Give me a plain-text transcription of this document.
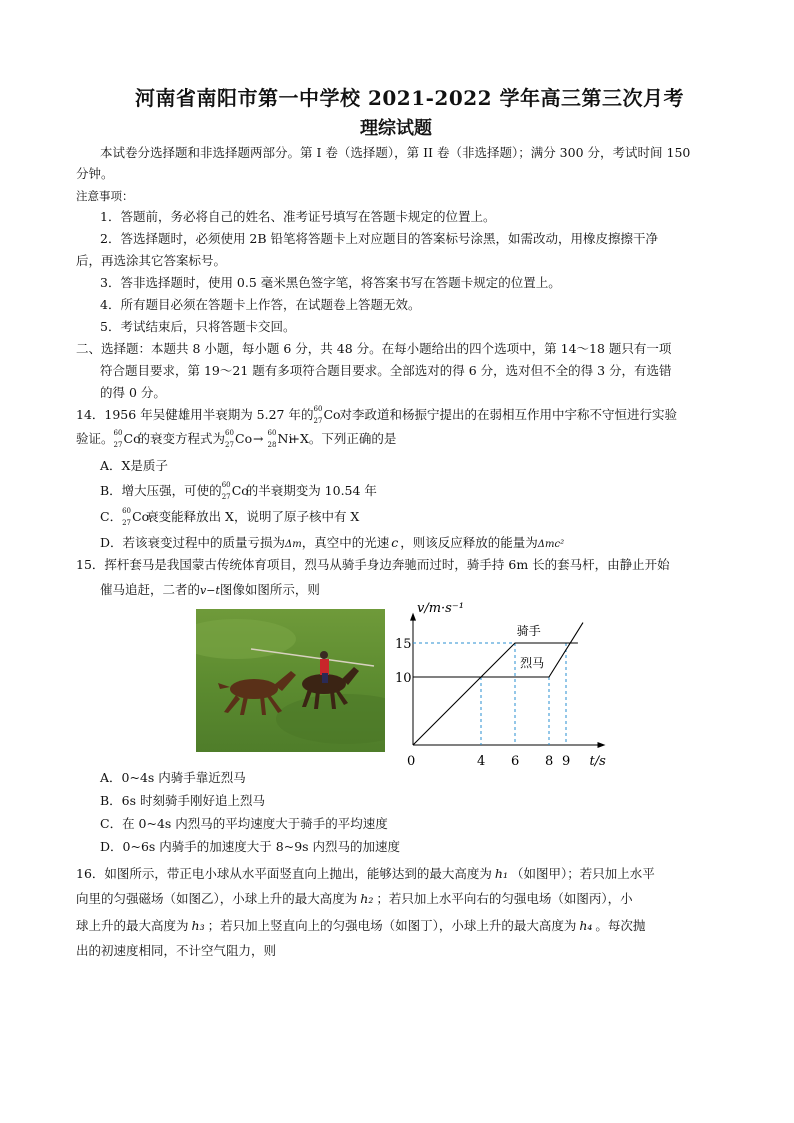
河南省南阳市第一中学校 2021-2022 学年高三第三次月考
理综试题
本试卷分选择题和非选择题两部分。第 I 卷（选择题），第 II 卷（非选择题）；满分 300 分，考试时间 150
分钟。
注意事项：
1．答题前，务必将自己的姓名、准考证号填写在答题卡规定的位置上。
2．答选择题时，必须使用 2B 铅笔将答题卡上对应题目的答案标号涂黑，如需改动，用橡皮擦擦干净
后，再选涂其它答案标号。
3．答非选择题时，使用 0.5 毫米黑色签字笔，将答案书写在答题卡规定的位置上。
4．所有题目必须在答题卡上作答，在试题卷上答题无效。
5．考试结束后，只将答题卡交回。
二、选择题：本题共 8 小题，每小题 6 分，共 48 分。在每小题给出的四个选项中，第 14～18 题只有一项
符合题目要求，第 19～21 题有多项符合题目要求。全部选对的得 6 分，选对但不全的得 3 分，有选错
的得 0 分。
14．1956 年吴健雄用半衰期为 5.27 年的 60
27 Co对李政道和杨振宁提出的在弱相互作用中宇称不守恒进行实验
验证。 60
27 Co的衰变方程式为 60
27 Co→ 60
28 Ni+X。下列正确的是
A．X是质子
B．增大压强，可使的 60
27 Co的半衰期变为 10.54 年
C． 60
27 Co衰变能释放出 X，说明了原子核中有 X
D．若该衰变过程中的质量亏损为Δm，真空中的光速 c ，则该反应释放的能量为Δmc²
15．挥杆套马是我国蒙古传统体育项目，烈马从骑手身边奔驰而过时，骑手持 6m 长的套马杆，由静止开始
催马追赶，二者的v−t图像如图所示，则
v/m·s⁻¹
t/s
0
10
15
4 6 8 9
骑手
烈马
A．0~4s 内骑手靠近烈马
B．6s 时刻骑手刚好追上烈马
C．在 0~4s 内烈马的平均速度大于骑手的平均速度
D．0~6s 内骑手的加速度大于 8~9s 内烈马的加速度
16．如图所示，带正电小球从水平面竖直向上抛出，能够达到的最大高度为 h₁ （如图甲）；若只加上水平
向里的匀强磁场（如图乙），小球上升的最大高度为 h₂ ；若只加上水平向右的匀强电场（如图丙），小
球上升的最大高度为 h₃ ；若只加上竖直向上的匀强电场（如图丁），小球上升的最大高度为 h₄ 。每次抛
出的初速度相同，不计空气阻力，则
